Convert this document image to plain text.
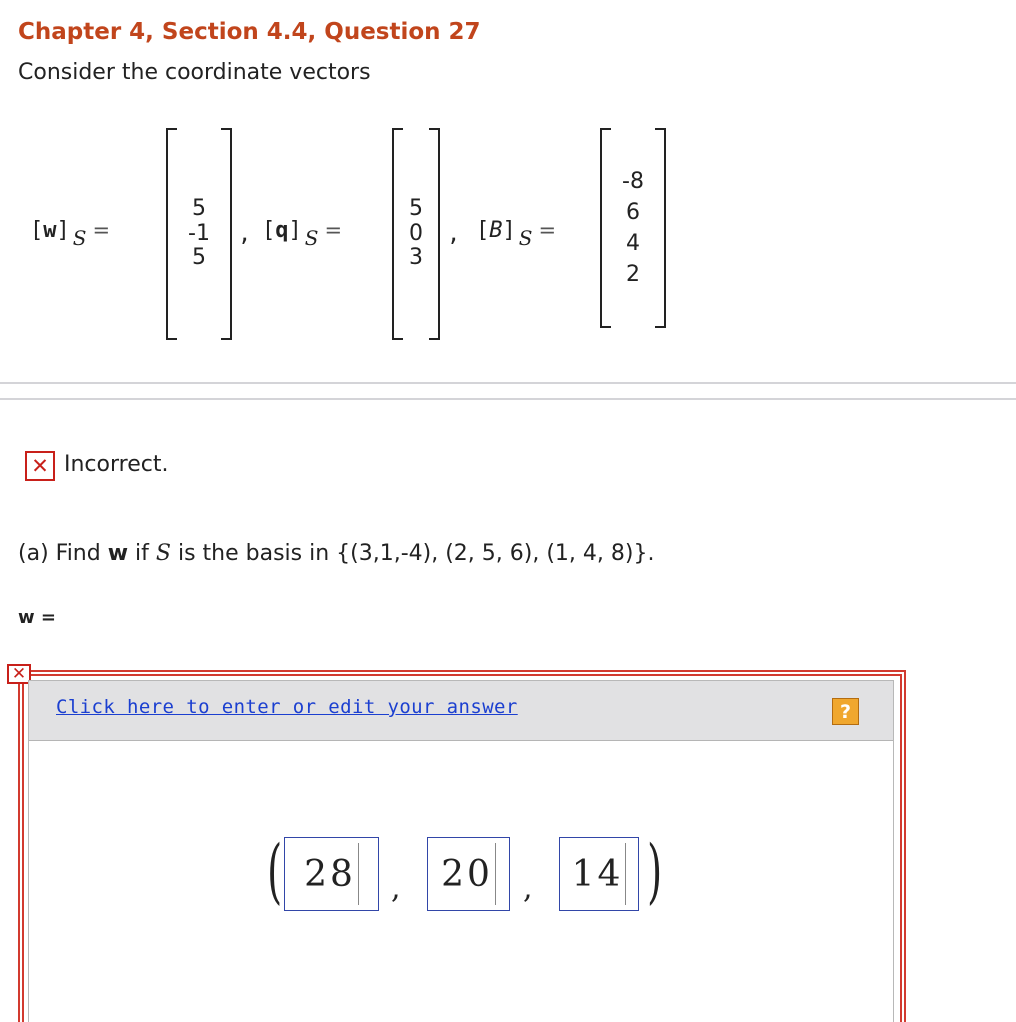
Chapter 4, Section 4.4, Question 27
Consider the coordinate vectors
[w] S =
5
-1
5
, [q] S =
5
0
3
, [B] S =
-8
6
4
2
✕ Incorrect.
(a) Find w if S is the basis in {(3,1,-4), (2, 5, 6), (1, 4, 8)}.
w =
✕
Click here to enter or edit your answer	?
( 28 , 20 , 14 )
